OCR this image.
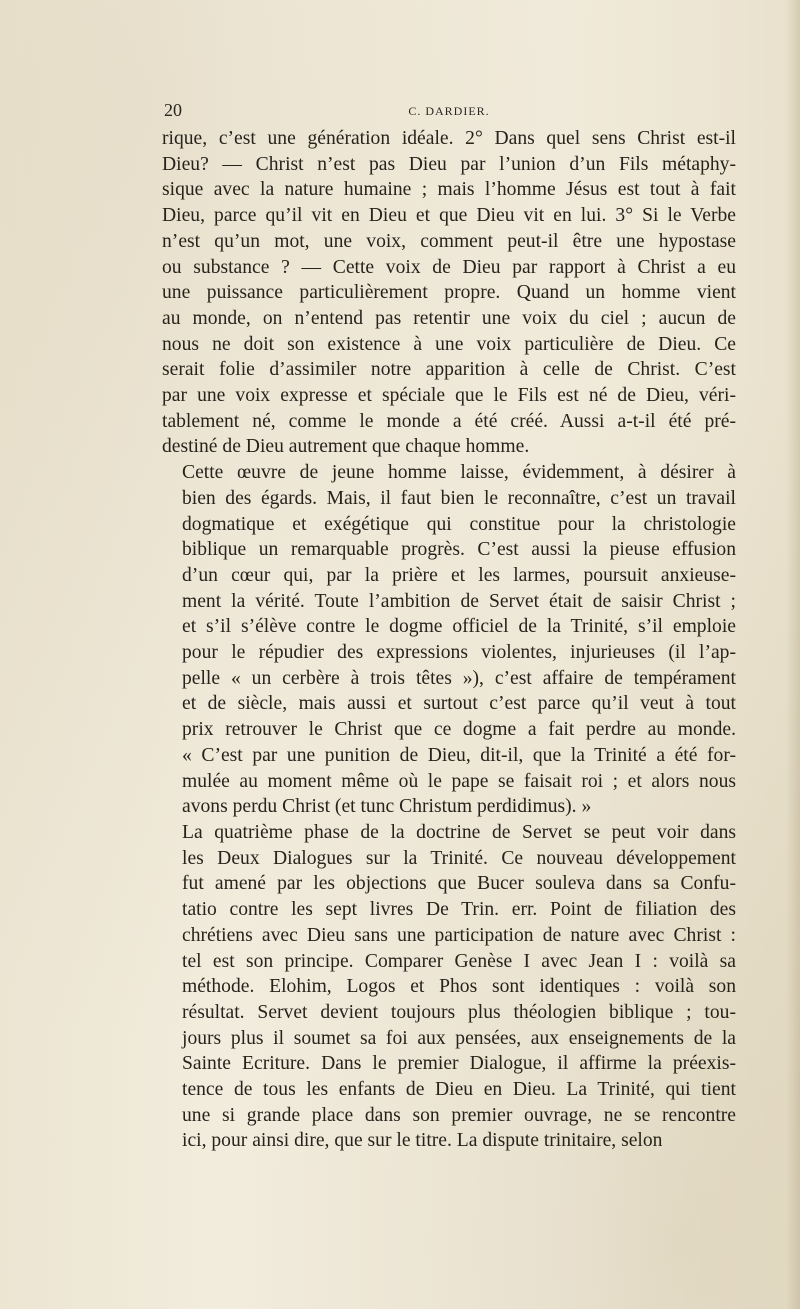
20	C. DARDIER.

rique, c’est une génération idéale. 2° Dans quel sens Christ est-il
Dieu? — Christ n’est pas Dieu par l’union d’un Fils métaphy-
sique avec la nature humaine ; mais l’homme Jésus est tout à fait
Dieu, parce qu’il vit en Dieu et que Dieu vit en lui. 3° Si le Verbe
n’est qu’un mot, une voix, comment peut-il être une hypostase
ou substance ? — Cette voix de Dieu par rapport à Christ a eu
une puissance particulièrement propre. Quand un homme vient
au monde, on n’entend pas retentir une voix du ciel ; aucun de
nous ne doit son existence à une voix particulière de Dieu. Ce
serait folie d’assimiler notre apparition à celle de Christ. C’est
par une voix expresse et spéciale que le Fils est né de Dieu, véri-
tablement né, comme le monde a été créé. Aussi a-t-il été pré-
destiné de Dieu autrement que chaque homme.

Cette œuvre de jeune homme laisse, évidemment, à désirer à
bien des égards. Mais, il faut bien le reconnaître, c’est un travail
dogmatique et exégétique qui constitue pour la christologie
biblique un remarquable progrès. C’est aussi la pieuse effusion
d’un cœur qui, par la prière et les larmes, poursuit anxieuse-
ment la vérité. Toute l’ambition de Servet était de saisir Christ ;
et s’il s’élève contre le dogme officiel de la Trinité, s’il emploie
pour le répudier des expressions violentes, injurieuses (il l’ap-
pelle « un cerbère à trois têtes »), c’est affaire de tempérament
et de siècle, mais aussi et surtout c’est parce qu’il veut à tout
prix retrouver le Christ que ce dogme a fait perdre au monde.
« C’est par une punition de Dieu, dit-il, que la Trinité a été for-
mulée au moment même où le pape se faisait roi ; et alors nous
avons perdu Christ (et tunc Christum perdidimus). »

La quatrième phase de la doctrine de Servet se peut voir dans
les Deux Dialogues sur la Trinité. Ce nouveau développement
fut amené par les objections que Bucer souleva dans sa Confu-
tatio contre les sept livres De Trin. err. Point de filiation des
chrétiens avec Dieu sans une participation de nature avec Christ :
tel est son principe. Comparer Genèse I avec Jean I : voilà sa
méthode. Elohim, Logos et Phos sont identiques : voilà son
résultat. Servet devient toujours plus théologien biblique ; tou-
jours plus il soumet sa foi aux pensées, aux enseignements de la
Sainte Ecriture. Dans le premier Dialogue, il affirme la préexis-
tence de tous les enfants de Dieu en Dieu. La Trinité, qui tient
une si grande place dans son premier ouvrage, ne se rencontre
ici, pour ainsi dire, que sur le titre. La dispute trinitaire, selon
